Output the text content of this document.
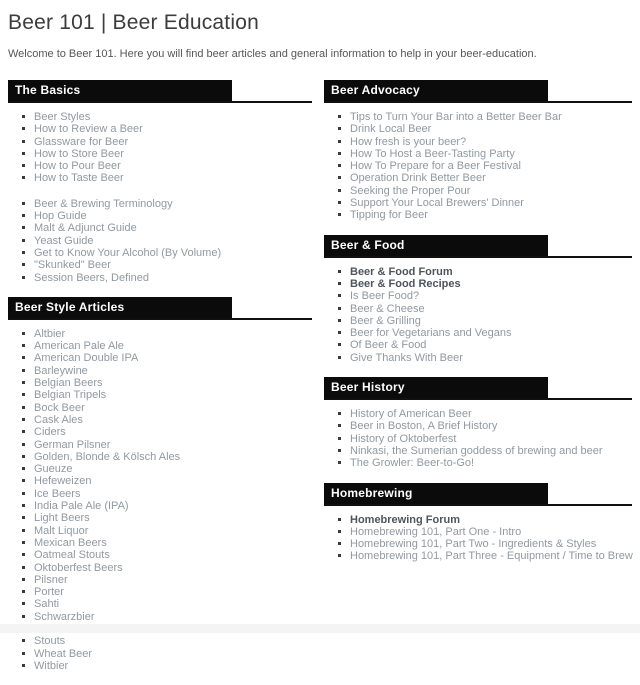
Beer 101 | Beer Education

Welcome to Beer 101. Here you will find beer articles and general information to help in your beer-education.

The Basics
Beer Styles
How to Review a Beer
Glassware for Beer
How to Store Beer
How to Pour Beer
How to Taste Beer
Beer & Brewing Terminology
Hop Guide
Malt & Adjunct Guide
Yeast Guide
Get to Know Your Alcohol (By Volume)
"Skunked" Beer
Session Beers, Defined
Beer Style Articles
Altbier
American Pale Ale
American Double IPA
Barleywine
Belgian Beers
Belgian Tripels
Bock Beer
Cask Ales
Ciders
German Pilsner
Golden, Blonde & Kölsch Ales
Gueuze
Hefeweizen
Ice Beers
India Pale Ale (IPA)
Light Beers
Malt Liquor
Mexican Beers
Oatmeal Stouts
Oktoberfest Beers
Pilsner
Porter
Sahti
Schwarzbier
Stouts
Wheat Beer
Witbier
Beer Advocacy
Tips to Turn Your Bar into a Better Beer Bar
Drink Local Beer
How fresh is your beer?
How To Host a Beer-Tasting Party
How To Prepare for a Beer Festival
Operation Drink Better Beer
Seeking the Proper Pour
Support Your Local Brewers' Dinner
Tipping for Beer
Beer & Food
Beer & Food Forum
Beer & Food Recipes
Is Beer Food?
Beer & Cheese
Beer & Grilling
Beer for Vegetarians and Vegans
Of Beer & Food
Give Thanks With Beer
Beer History
History of American Beer
Beer in Boston, A Brief History
History of Oktoberfest
Ninkasi, the Sumerian goddess of brewing and beer
The Growler: Beer-to-Go!
Homebrewing
Homebrewing Forum
Homebrewing 101, Part One - Intro
Homebrewing 101, Part Two - Ingredients & Styles
Homebrewing 101, Part Three - Equipment / Time to Brew
